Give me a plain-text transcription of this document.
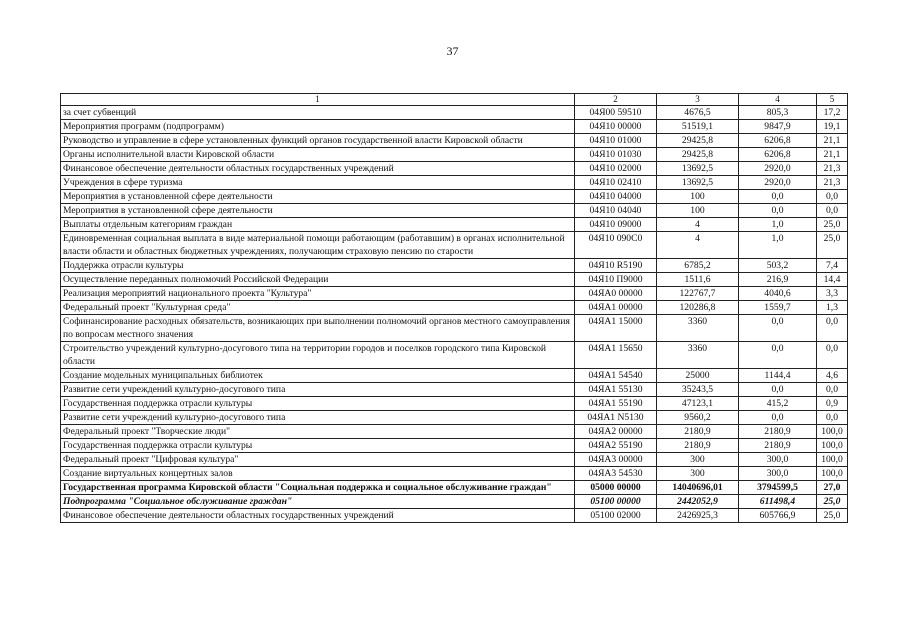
37
1	2	3	4	5
за счет субвенций	04Я00 59510	4676,5	805,3	17,2
Мероприятия программ (подпрограмм)	04Я10 00000	51519,1	9847,9	19,1
Руководство и управление в сфере установленных функций органов государственной власти Кировской области	04Я10 01000	29425,8	6206,8	21,1
Органы исполнительной власти Кировской области	04Я10 01030	29425,8	6206,8	21,1
Финансовое обеспечение деятельности областных государственных учреждений	04Я10 02000	13692,5	2920,0	21,3
Учреждения в сфере туризма	04Я10 02410	13692,5	2920,0	21,3
Мероприятия в установленной сфере деятельности	04Я10 04000	100	0,0	0,0
Мероприятия в установленной сфере деятельности	04Я10 04040	100	0,0	0,0
Выплаты отдельным категориям граждан	04Я10 09000	4	1,0	25,0
Единовременная социальная выплата в виде материальной помощи работающим (работавшим) в органах исполнительной власти области и областных бюджетных учреждениях, получающим страховую пенсию по старости	04Я10 090С0	4	1,0	25,0
Поддержка отрасли культуры	04Я10 R5190	6785,2	503,2	7,4
Осуществление переданных полномочий Российской Федерации	04Я10 П9000	1511,6	216,9	14,4
Реализация мероприятий национального проекта "Культура"	04ЯА0 00000	122767,7	4040,6	3,3
Федеральный проект "Культурная среда"	04ЯА1 00000	120286,8	1559,7	1,3
Софинансирование расходных обязательств, возникающих при выполнении полномочий органов местного самоуправления по вопросам местного значения	04ЯА1 15000	3360	0,0	0,0
Строительство учреждений культурно-досугового типа на территории городов и поселков городского типа Кировской области	04ЯА1 15650	3360	0,0	0,0
Создание модельных муниципальных библиотек	04ЯА1 54540	25000	1144,4	4,6
Развитие сети учреждений культурно-досугового типа	04ЯА1 55130	35243,5	0,0	0,0
Государственная поддержка отрасли культуры	04ЯА1 55190	47123,1	415,2	0,9
Развитие сети учреждений культурно-досугового типа	04ЯА1 N5130	9560,2	0,0	0,0
Федеральный проект "Творческие люди"	04ЯА2 00000	2180,9	2180,9	100,0
Государственная поддержка отрасли культуры	04ЯА2 55190	2180,9	2180,9	100,0
Федеральный проект "Цифровая культура"	04ЯА3 00000	300	300,0	100,0
Создание виртуальных концертных залов	04ЯА3 54530	300	300,0	100,0
Государственная программа Кировской области "Социальная поддержка и социальное обслуживание граждан"	05000 00000	14040696,01	3794599,5	27,0
Подпрограмма "Социальное обслуживание граждан"	05100 00000	2442052,9	611498,4	25,0
Финансовое обеспечение деятельности областных государственных учреждений	05100 02000	2426925,3	605766,9	25,0
